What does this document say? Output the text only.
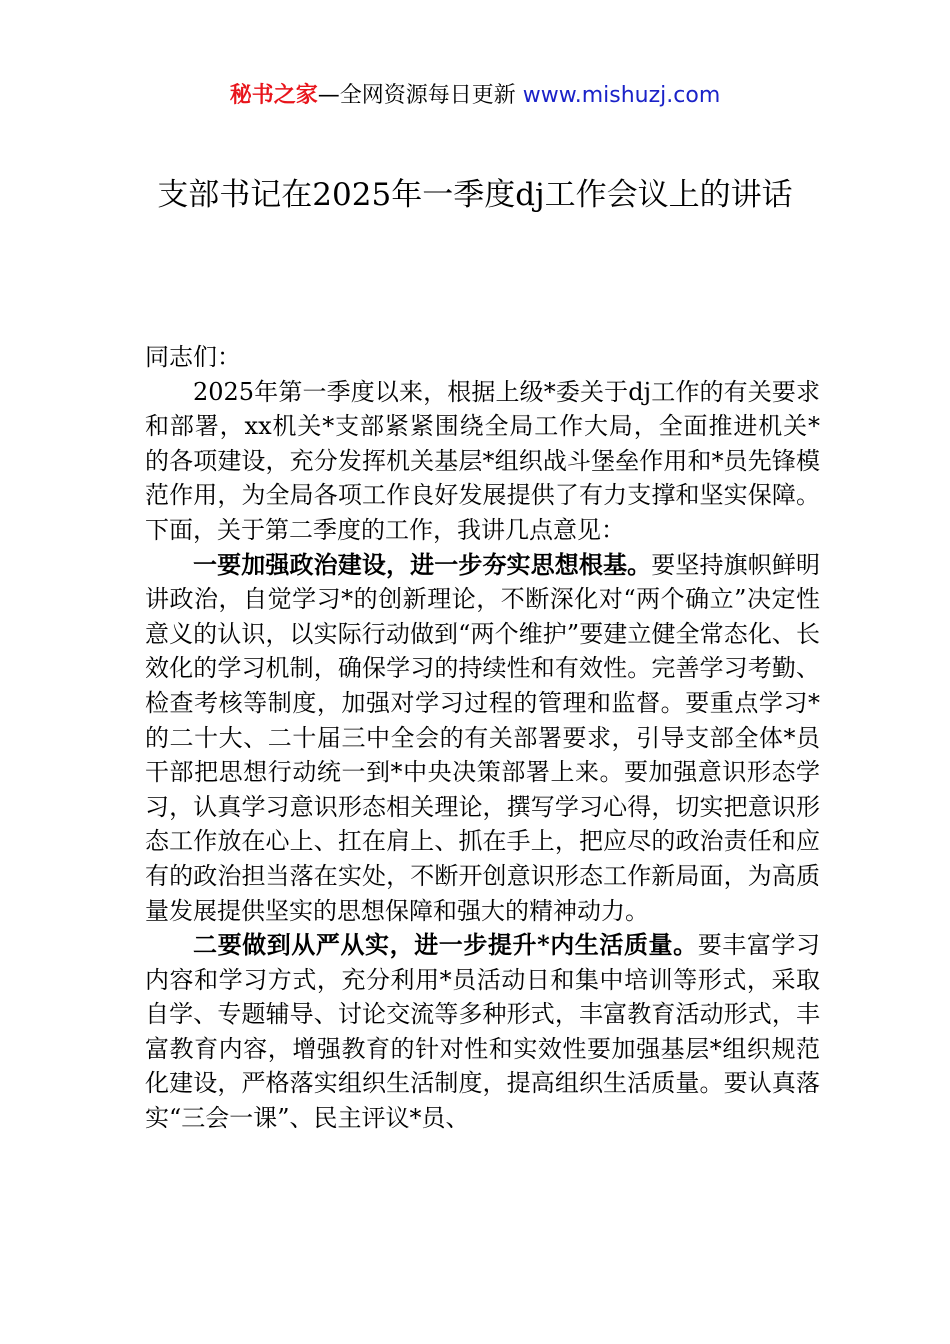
秘书之家—全网资源每日更新 www.mishuzj.com
支部书记在2025年一季度dj工作会议上的讲话

同志们：

2025年第一季度以来，根据上级*委关于dj工作的有关要求和部署，xx机关*支部紧紧围绕全局工作大局，全面推进机关*的各项建设，充分发挥机关基层*组织战斗堡垒作用和*员先锋模范作用，为全局各项工作良好发展提供了有力支撑和坚实保障。下面，关于第二季度的工作，我讲几点意见：

一要加强政治建设，进一步夯实思想根基。要坚持旗帜鲜明讲政治，自觉学习*的创新理论，不断深化对“两个确立”决定性意义的认识，以实际行动做到“两个维护”要建立健全常态化、长效化的学习机制，确保学习的持续性和有效性。完善学习考勤、检查考核等制度，加强对学习过程的管理和监督。要重点学习*的二十大、二十届三中全会的有关部署要求，引导支部全体*员干部把思想行动统一到*中央决策部署上来。要加强意识形态学习，认真学习意识形态相关理论，撰写学习心得，切实把意识形态工作放在心上、扛在肩上、抓在手上，把应尽的政治责任和应有的政治担当落在实处，不断开创意识形态工作新局面，为高质量发展提供坚实的思想保障和强大的精神动力。

二要做到从严从实，进一步提升*内生活质量。要丰富学习内容和学习方式，充分利用*员活动日和集中培训等形式，采取自学、专题辅导、讨论交流等多种形式，丰富教育活动形式，丰富教育内容，增强教育的针对性和实效性要加强基层*组织规范化建设，严格落实组织生活制度，提高组织生活质量。要认真落实“三会一课”、民主评议*员、
